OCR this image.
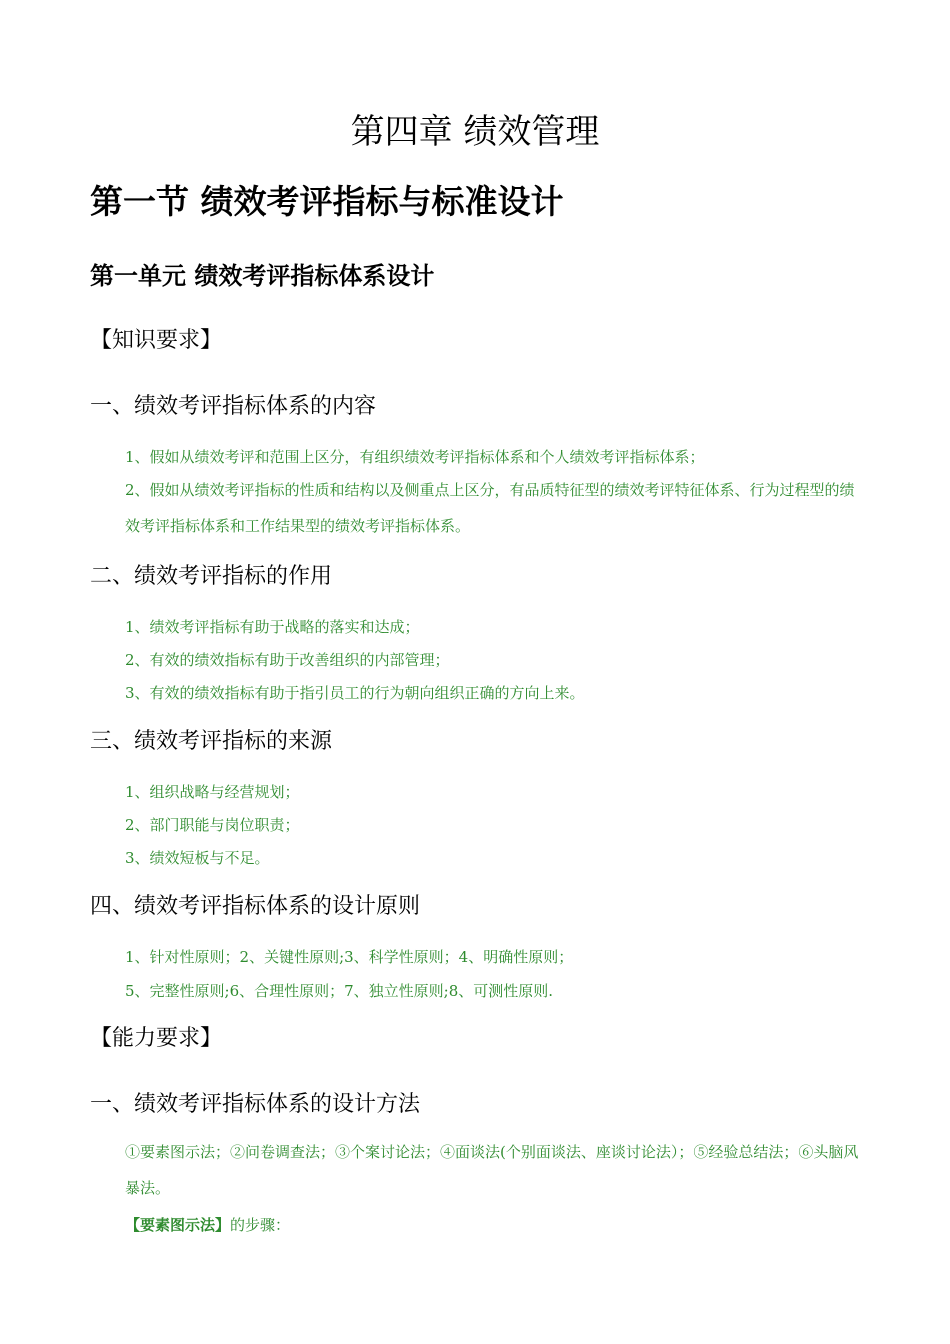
第四章 绩效管理
第一节 绩效考评指标与标准设计
第一单元 绩效考评指标体系设计
【知识要求】
一、绩效考评指标体系的内容
1、假如从绩效考评和范围上区分，有组织绩效考评指标体系和个人绩效考评指标体系；
2、假如从绩效考评指标的性质和结构以及侧重点上区分，有品质特征型的绩效考评特征体系、行为过程型的绩效考评指标体系和工作结果型的绩效考评指标体系。
二、绩效考评指标的作用
1、绩效考评指标有助于战略的落实和达成；
2、有效的绩效指标有助于改善组织的内部管理；
3、有效的绩效指标有助于指引员工的行为朝向组织正确的方向上来。
三、绩效考评指标的来源
1、组织战略与经营规划；
2、部门职能与岗位职责；
3、绩效短板与不足。
四、绩效考评指标体系的设计原则
1、针对性原则；2、关键性原则;3、科学性原则；4、明确性原则；
5、完整性原则;6、合理性原则；7、独立性原则;8、可测性原则.
【能力要求】
一、绩效考评指标体系的设计方法
①要素图示法；②问卷调查法；③个案讨论法；④面谈法(个别面谈法、座谈讨论法）；⑤经验总结法；⑥头脑风暴法。
【要素图示法】的步骤：
